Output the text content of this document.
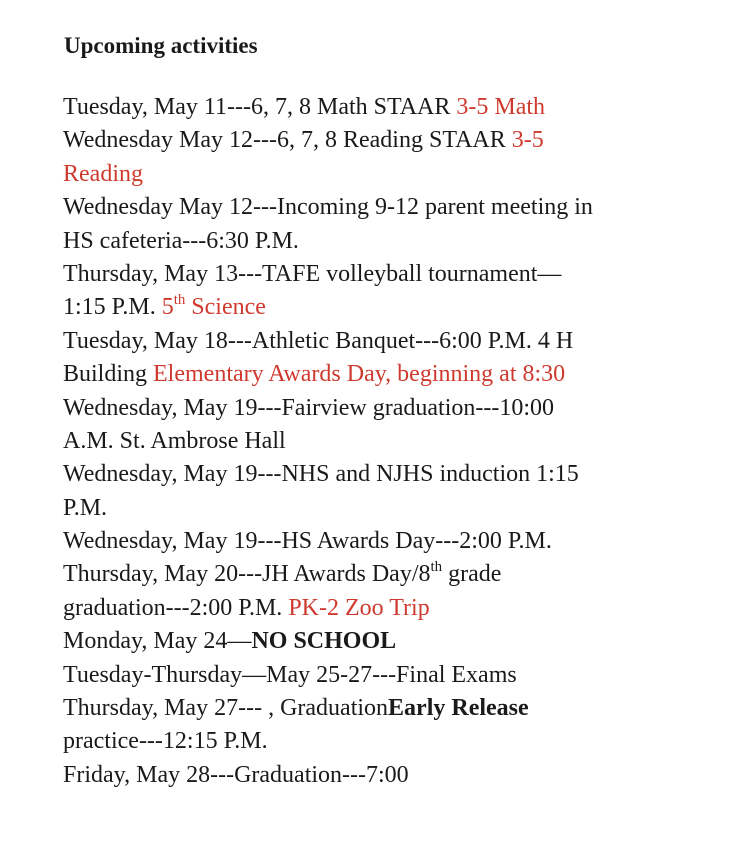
Upcoming activities
Tuesday, May 11---6, 7, 8 Math STAAR 3-5 Math
Wednesday May 12---6, 7, 8 Reading STAAR 3-5
Reading
Wednesday May 12---Incoming 9-12 parent meeting in
HS cafeteria---6:30 P.M.
Thursday, May 13---TAFE volleyball tournament—
1:15 P.M. 5th Science
Tuesday, May 18---Athletic Banquet---6:00 P.M. 4 H
Building Elementary Awards Day, beginning at 8:30
Wednesday, May 19---Fairview graduation---10:00
A.M. St. Ambrose Hall
Wednesday, May 19---NHS and NJHS induction 1:15
P.M.
Wednesday, May 19---HS Awards Day---2:00 P.M.
Thursday, May 20---JH Awards Day/8th grade
graduation---2:00 P.M. PK-2 Zoo Trip
Monday, May 24—NO SCHOOL
Tuesday-Thursday—May 25-27---Final Exams
Thursday, May 27--- , GraduationEarly Release
practice---12:15 P.M.
Friday, May 28---Graduation---7:00
